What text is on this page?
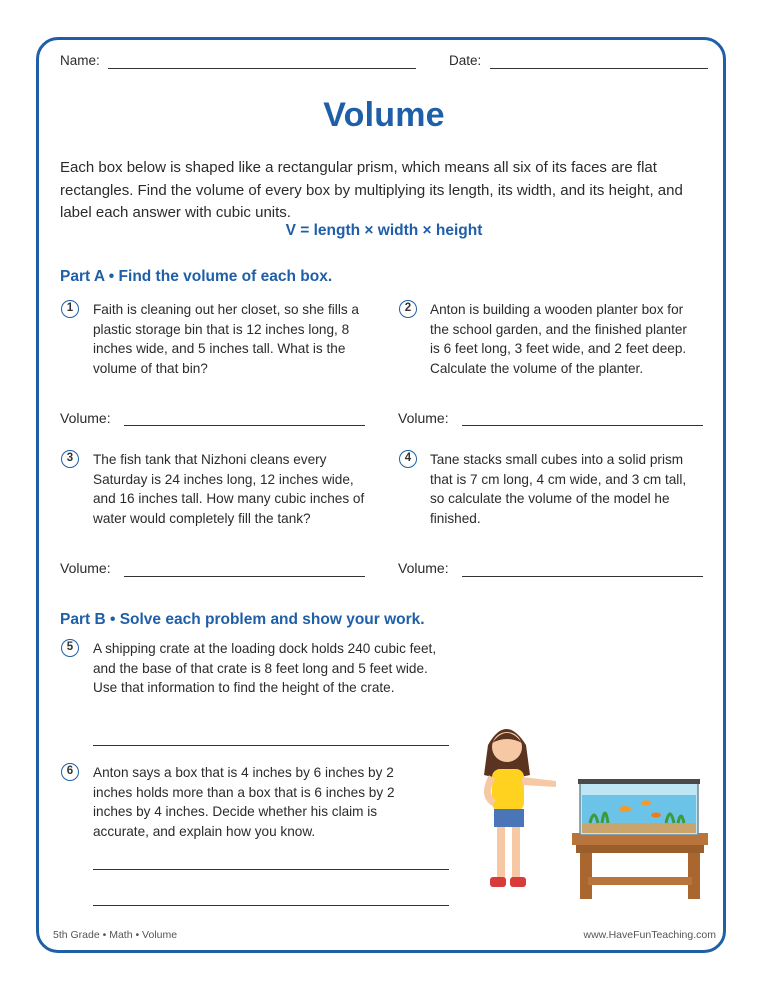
Name:	Date:
Volume
Each box below is shaped like a rectangular prism, which means all six of its faces are flat rectangles. Find the volume of every box by multiplying its length, its width, and its height, and label each answer with cubic units.
V = length × width × height
Part A • Find the volume of each box.
1	Faith is cleaning out her closet, so she fills a plastic storage bin that is 12 inches long, 8 inches wide, and 5 inches tall. What is the volume of that bin?
2	Anton is building a wooden planter box for the school garden, and the finished planter is 6 feet long, 3 feet wide, and 2 feet deep. Calculate the volume of the planter.
Volume:	Volume:
3	The fish tank that Nizhoni cleans every Saturday is 24 inches long, 12 inches wide, and 16 inches tall. How many cubic inches of water would completely fill the tank?
4	Tane stacks small cubes into a solid prism that is 7 cm long, 4 cm wide, and 3 cm tall, so calculate the volume of the model he finished.
Volume:	Volume:
Part B • Solve each problem and show your work.
5	A shipping crate at the loading dock holds 240 cubic feet, and the base of that crate is 8 feet long and 5 feet wide. Use that information to find the height of the crate.
6	Anton says a box that is 4 inches by 6 inches by 2 inches holds more than a box that is 6 inches by 2 inches by 4 inches. Decide whether his claim is accurate, and explain how you know.
5th Grade • Math • Volume	www.HaveFunTeaching.com
